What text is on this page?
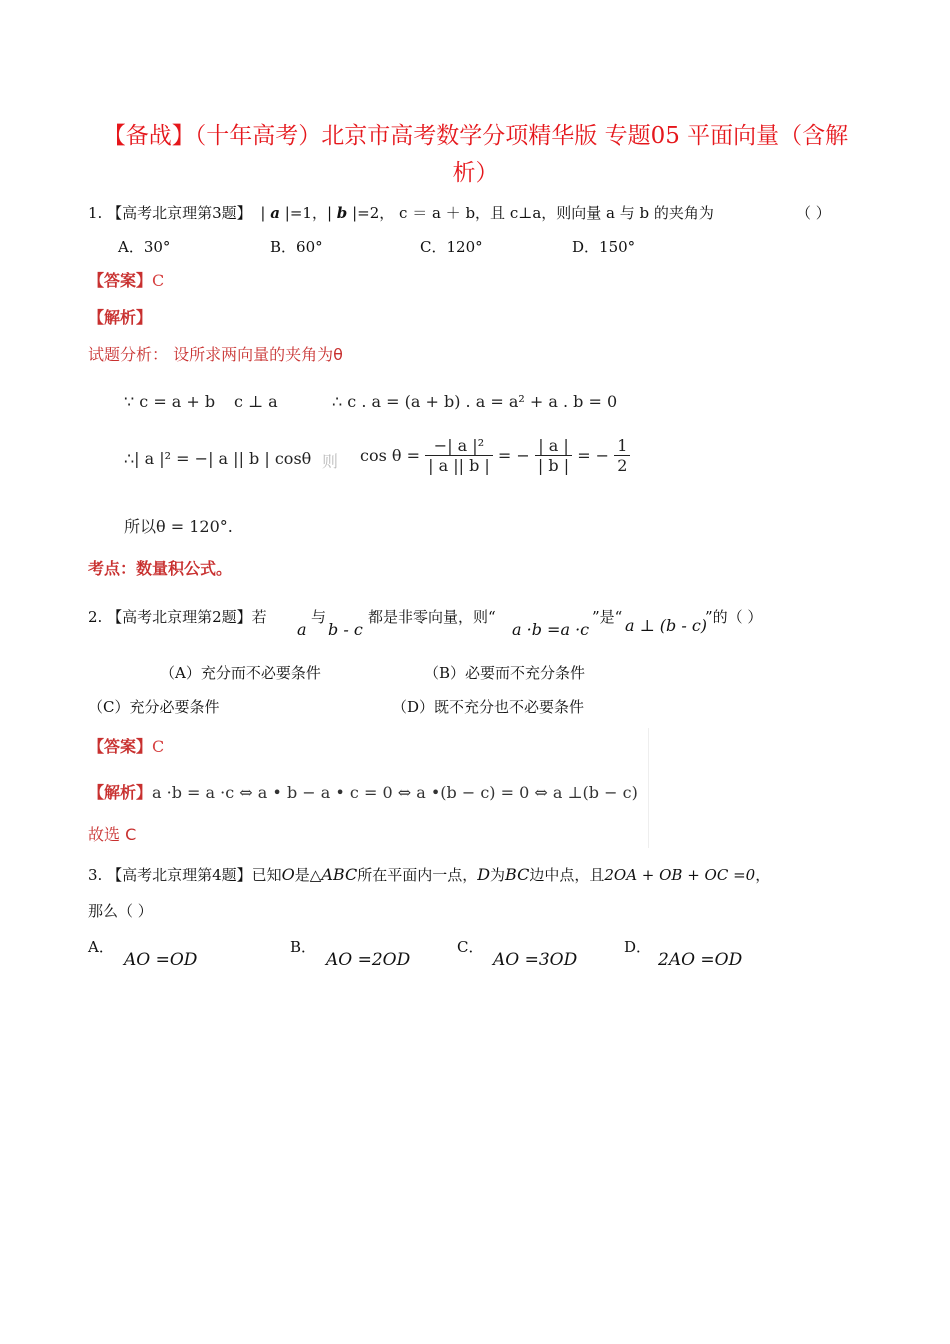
【备战】（十年高考）北京市高考数学分项精华版 专题05 平面向量（含解析）
1. 【高考北京理第3题】 | a |=1，| b |=2， c ＝ a ＋ b，且 c⊥a，则向量 a 与 b 的夹角为	（ ）
A．30°	B．60°	C．120°	D．150°
【答案】C
【解析】
试题分析： 设所求两向量的夹角为θ
∵ c = a + b c ⊥ a	∴ c . a = (a + b) . a = a² + a . b = 0
∴| a |² = −| a || b | cosθ 则 $\cos \theta = \frac{\text{−| a |²}}{| a || b |}$ = − $\frac{| a |}{| b |}$ = − $\frac{1}{2}$
所以θ = 120°.
考点：数量积公式。
2. 【高考北京理第2题】若
a
与
b - c
都是非零向量，则“
a ·b =a ·c
”是“ a ⊥ (b - c)
”的（ ）
（A）充分而不必要条件	（B）必要而不充分条件
（C）充分必要条件	（D）既不充分也不必要条件
【答案】C
【解析】a ·b = a ·c ⇔ a • b − a • c = 0 ⇔ a •(b − c) = 0 ⇔ a ⊥(b − c)
故选 C
3. 【高考北京理第4题】已知O是△ABC所在平面内一点，D为BC边中点，且2OA + OB + OC =0，
那么（ ）
A．
AO =OD
B．
AO =2OD
C．
AO =3OD
D．
2AO =OD
